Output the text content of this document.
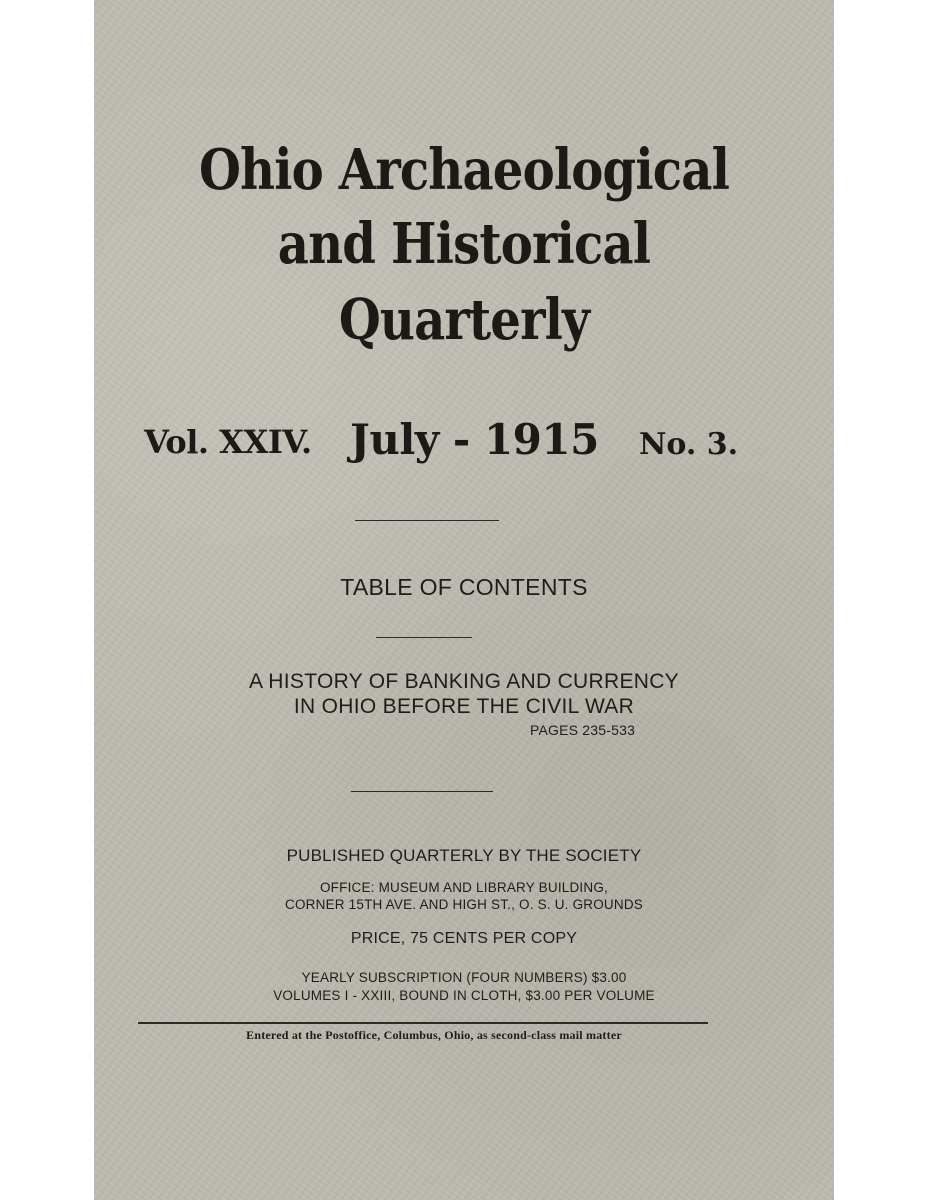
Ohio Archaeological
and Historical
Quarterly
Vol. XXIV. July - 1915 No. 3.
TABLE OF CONTENTS
A HISTORY OF BANKING AND CURRENCY
IN OHIO BEFORE THE CIVIL WAR
PAGES 235-533
PUBLISHED QUARTERLY BY THE SOCIETY
OFFICE: MUSEUM AND LIBRARY BUILDING,
CORNER 15TH AVE. AND HIGH ST., O. S. U. GROUNDS
PRICE, 75 CENTS PER COPY
YEARLY SUBSCRIPTION (FOUR NUMBERS) $3.00
VOLUMES I - XXIII, BOUND IN CLOTH, $3.00 PER VOLUME
Entered at the Postoffice, Columbus, Ohio, as second-class mail matter
